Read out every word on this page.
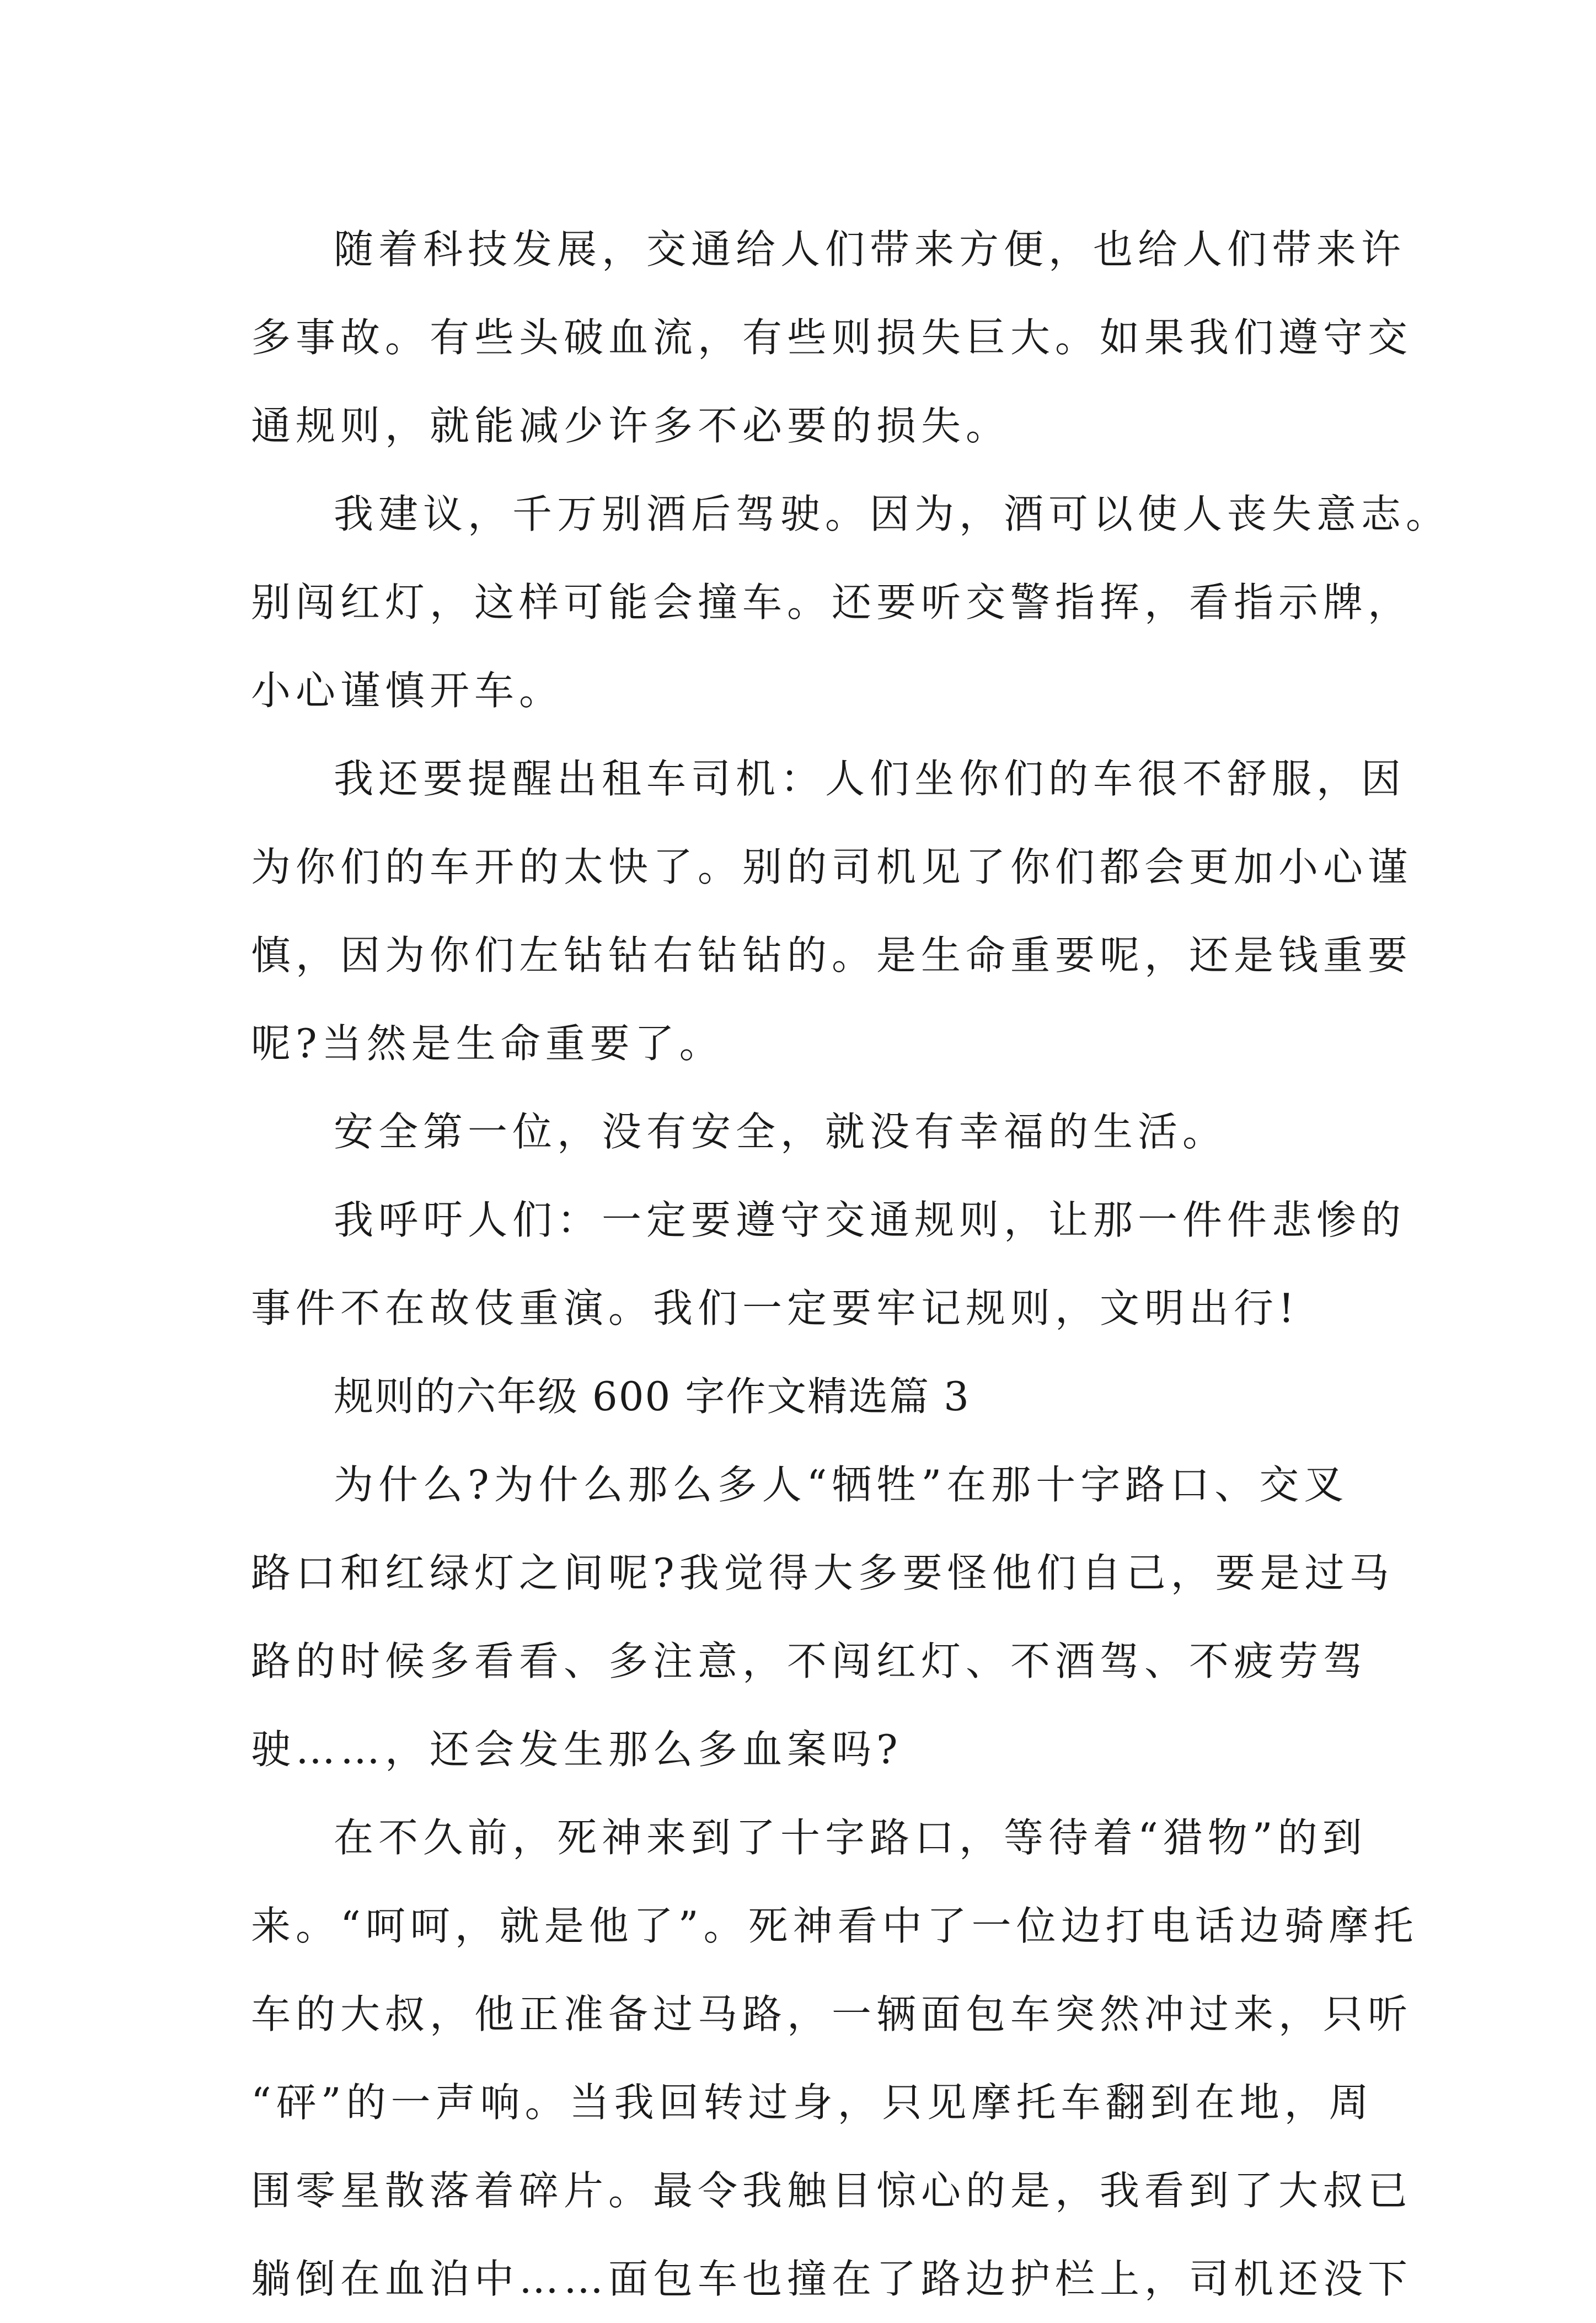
随着科技发展，交通给人们带来方便，也给人们带来许
多事故。有些头破血流，有些则损失巨大。如果我们遵守交
通规则，就能减少许多不必要的损失。
我建议，千万别酒后驾驶。因为，酒可以使人丧失意志。
别闯红灯，这样可能会撞车。还要听交警指挥，看指示牌，
小心谨慎开车。
我还要提醒出租车司机：人们坐你们的车很不舒服，因
为你们的车开的太快了。别的司机见了你们都会更加小心谨
慎，因为你们左钻钻右钻钻的。是生命重要呢，还是钱重要
呢?当然是生命重要了。
安全第一位，没有安全，就没有幸福的生活。
我呼吁人们：一定要遵守交通规则，让那一件件悲惨的
事件不在故伎重演。我们一定要牢记规则，文明出行!
规则的六年级 600 字作文精选篇 3
为什么?为什么那么多人“牺牲”在那十字路口、交叉
路口和红绿灯之间呢?我觉得大多要怪他们自己，要是过马
路的时候多看看、多注意，不闯红灯、不酒驾、不疲劳驾
驶……，还会发生那么多血案吗?
在不久前，死神来到了十字路口，等待着“猎物”的到
来。“呵呵，就是他了”。死神看中了一位边打电话边骑摩托
车的大叔，他正准备过马路，一辆面包车突然冲过来，只听
“砰”的一声响。当我回转过身，只见摩托车翻到在地，周
围零星散落着碎片。最令我触目惊心的是，我看到了大叔已
躺倒在血泊中……面包车也撞在了路边护栏上，司机还没下
